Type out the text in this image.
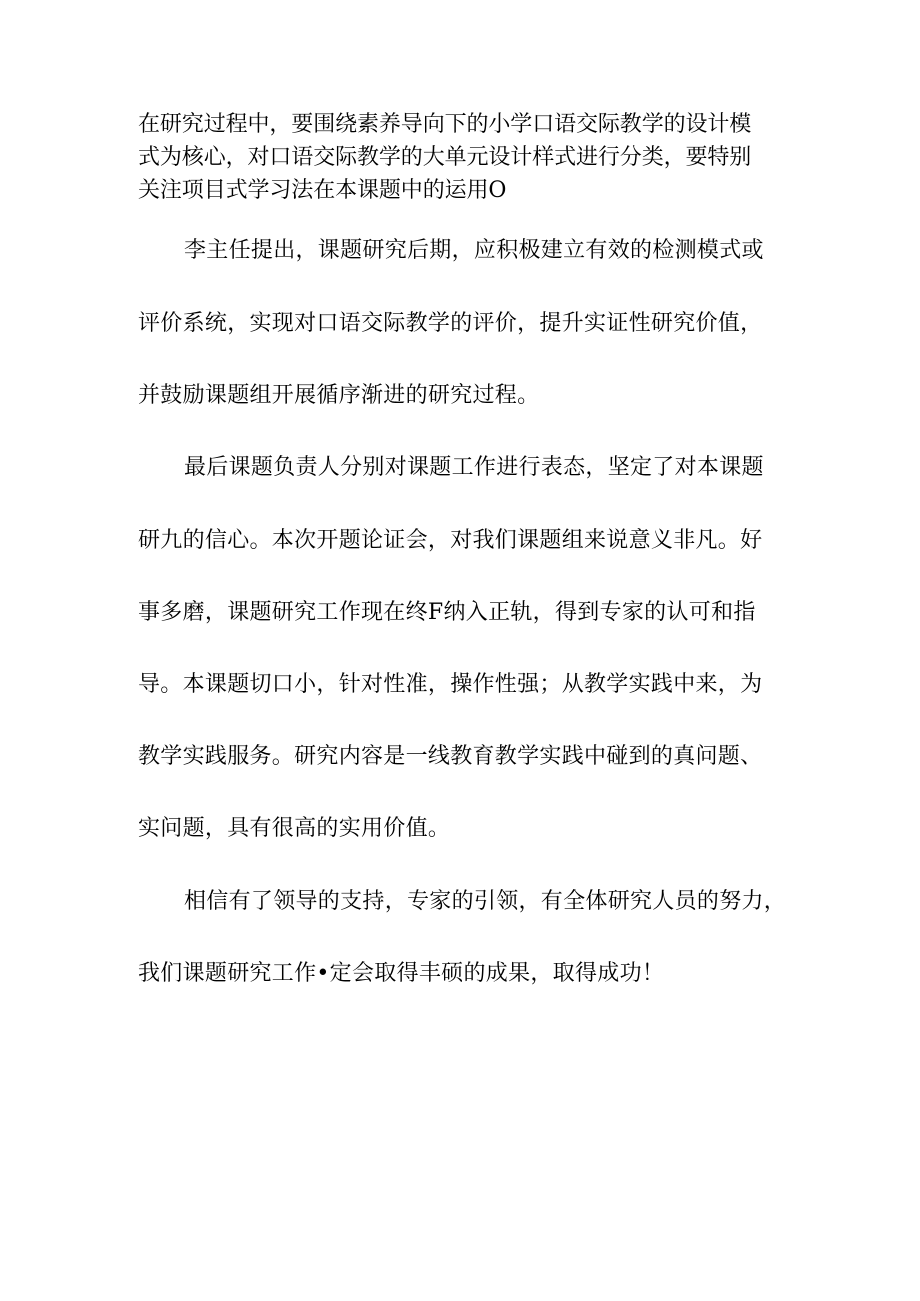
在研究过程中，要围绕素养导向下的小学口语交际教学的设计模
式为核心，对口语交际教学的大单元设计样式进行分类，要特别
关注项目式学习法在本课题中的运用O
李主任提出，课题研究后期，应积极建立有效的检测模式或
评价系统，实现对口语交际教学的评价，提升实证性研究价值，
并鼓励课题组开展循序渐进的研究过程。
最后课题负责人分别对课题工作进行表态，坚定了对本课题
研九的信心。本次开题论证会，对我们课题组来说意义非凡。好
事多磨，课题研究工作现在终F纳入正轨，得到专家的认可和指
导。本课题切口小，针对性准，操作性强；从教学实践中来，为
教学实践服务。研究内容是一线教育教学实践中碰到的真问题、
实问题，具有很高的实用价值。
相信有了领导的支持，专家的引领，有全体研究人员的努力，
我们课题研究工作•定会取得丰硕的成果，取得成功！
